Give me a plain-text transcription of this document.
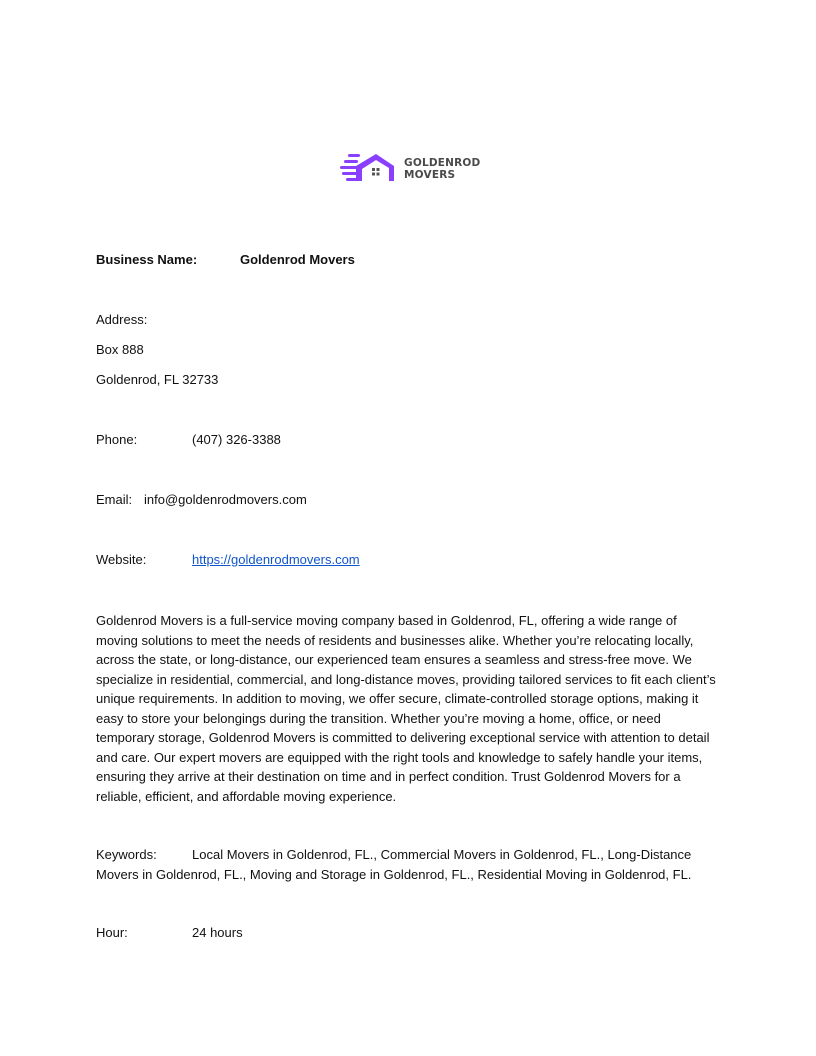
GOLDENROD
MOVERS
Business Name:	Goldenrod Movers
Address:
Box 888
Goldenrod, FL 32733
Phone:	(407) 326-3388
Email: info@goldenrodmovers.com
Website:	https://goldenrodmovers.com

Goldenrod Movers is a full-service moving company based in Goldenrod, FL, offering a wide range of moving solutions to meet the needs of residents and businesses alike. Whether you’re relocating locally, across the state, or long-distance, our experienced team ensures a seamless and stress-free move. We specialize in residential, commercial, and long-distance moves, providing tailored services to fit each client’s unique requirements. In addition to moving, we offer secure, climate-controlled storage options, making it easy to store your belongings during the transition. Whether you’re moving a home, office, or need temporary storage, Goldenrod Movers is committed to delivering exceptional service with attention to detail and care. Our expert movers are equipped with the right tools and knowledge to safely handle your items, ensuring they arrive at their destination on time and in perfect condition. Trust Goldenrod Movers for a reliable, efficient, and affordable moving experience.

Keywords:	Local Movers in Goldenrod, FL., Commercial Movers in Goldenrod, FL., Long-Distance Movers in Goldenrod, FL., Moving and Storage in Goldenrod, FL., Residential Moving in Goldenrod, FL.

Hour:	24 hours
